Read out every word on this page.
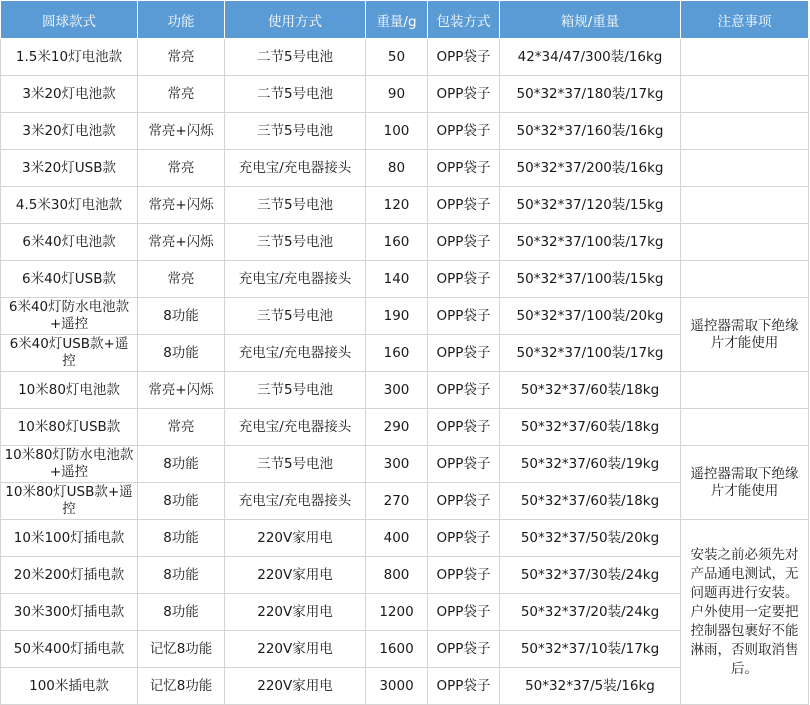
圆球款式	功能	使用方式	重量/g	包装方式	箱规/重量	注意事项
1.5米10灯电池款	常亮	二节5号电池	50	OPP袋子	42*34/47/300装/16kg	
3米20灯电池款	常亮	二节5号电池	90	OPP袋子	50*32*37/180装/17kg	
3米20灯电池款	常亮+闪烁	三节5号电池	100	OPP袋子	50*32*37/160装/16kg	
3米20灯USB款	常亮	充电宝/充电器接头	80	OPP袋子	50*32*37/200装/16kg	
4.5米30灯电池款	常亮+闪烁	三节5号电池	120	OPP袋子	50*32*37/120装/15kg	
6米40灯电池款	常亮+闪烁	三节5号电池	160	OPP袋子	50*32*37/100装/17kg	
6米40灯USB款	常亮	充电宝/充电器接头	140	OPP袋子	50*32*37/100装/15kg	
6米40灯防水电池款+遥控	8功能	三节5号电池	190	OPP袋子	50*32*37/100装/20kg	遥控器需取下绝缘片才能使用
6米40灯USB款+遥控	8功能	充电宝/充电器接头	160	OPP袋子	50*32*37/100装/17kg	
10米80灯电池款	常亮+闪烁	三节5号电池	300	OPP袋子	50*32*37/60装/18kg	
10米80灯USB款	常亮	充电宝/充电器接头	290	OPP袋子	50*32*37/60装/18kg	
10米80灯防水电池款+遥控	8功能	三节5号电池	300	OPP袋子	50*32*37/60装/19kg	遥控器需取下绝缘片才能使用
10米80灯USB款+遥控	8功能	充电宝/充电器接头	270	OPP袋子	50*32*37/60装/18kg	
10米100灯插电款	8功能	220V家用电	400	OPP袋子	50*32*37/50装/20kg	安装之前必须先对产品通电测试，无问题再进行安装。户外使用一定要把控制器包裹好不能淋雨，否则取消售后。
20米200灯插电款	8功能	220V家用电	800	OPP袋子	50*32*37/30装/24kg	
30米300灯插电款	8功能	220V家用电	1200	OPP袋子	50*32*37/20装/24kg	
50米400灯插电款	记忆8功能	220V家用电	1600	OPP袋子	50*32*37/10装/17kg	
100米插电款	记忆8功能	220V家用电	3000	OPP袋子	50*32*37/5装/16kg	
